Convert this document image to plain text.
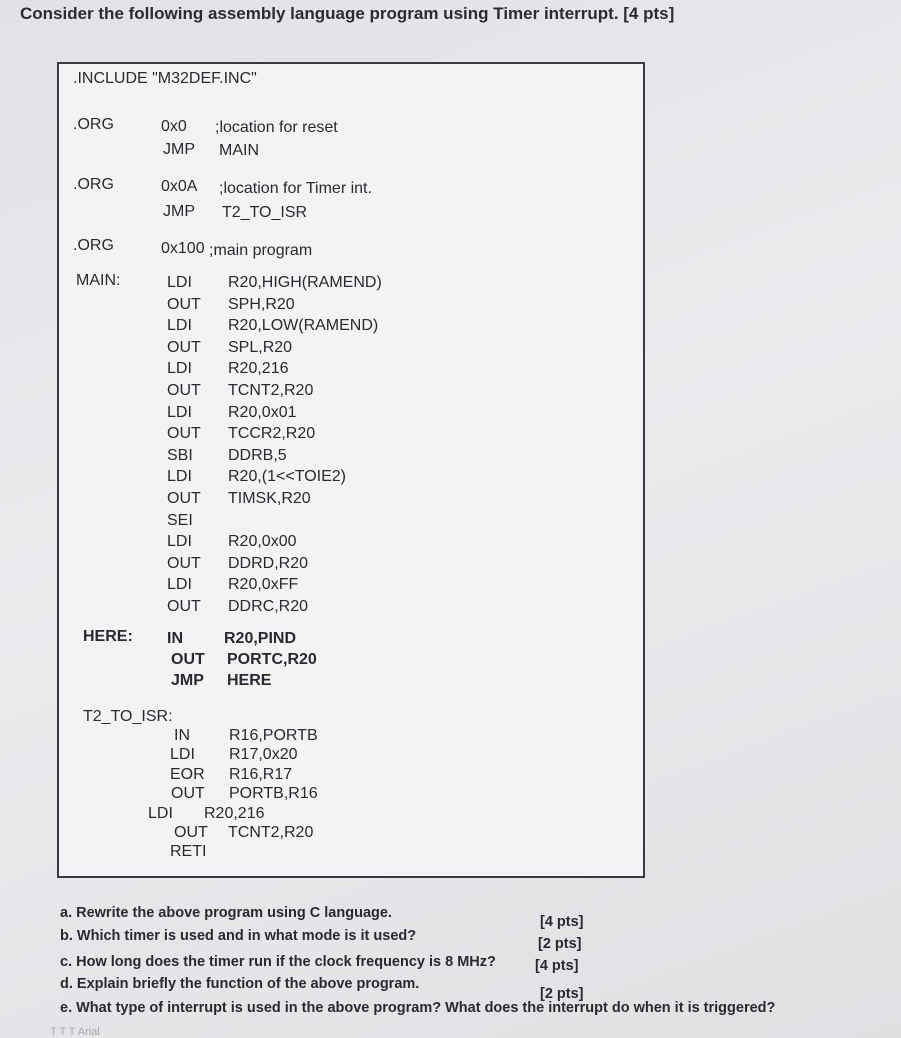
Consider the following assembly language program using Timer interrupt. [4 pts]
.INCLUDE "M32DEF.INC"
.ORG	0x0 ;location for reset
JMP MAIN
.ORG	0x0A ;location for Timer int.
JMP T2_TO_ISR
.ORG	0x100 ;main program
MAIN:	LDI R20,HIGH(RAMEND)
OUT SPH,R20
LDI R20,LOW(RAMEND)
OUT SPL,R20
LDI R20,216
OUT TCNT2,R20
LDI R20,0x01
OUT TCCR2,R20
SBI DDRB,5
LDI R20,(1<<TOIE2)
OUT TIMSK,R20
SEI
LDI R20,0x00
OUT DDRD,R20
LDI R20,0xFF
OUT DDRC,R20
HERE: IN	R20,PIND
OUT PORTC,R20
JMP HERE
T2_TO_ISR:
IN R16,PORTB
LDI R17,0x20
EOR R16,R17
OUT PORTB,R16
LDI R20,216
OUT TCNT2,R20
RETI
a. Rewrite the above program using C language.
[4 pts]
b. Which timer is used and in what mode is it used?	[2 pts]
c. How long does the timer run if the clock frequency is 8 MHz?	[4 pts]
d. Explain briefly the function of the above program.
[2 pts]
e. What type of interrupt is used in the above program? What does the interrupt do when it is triggered?
T T T Arial
